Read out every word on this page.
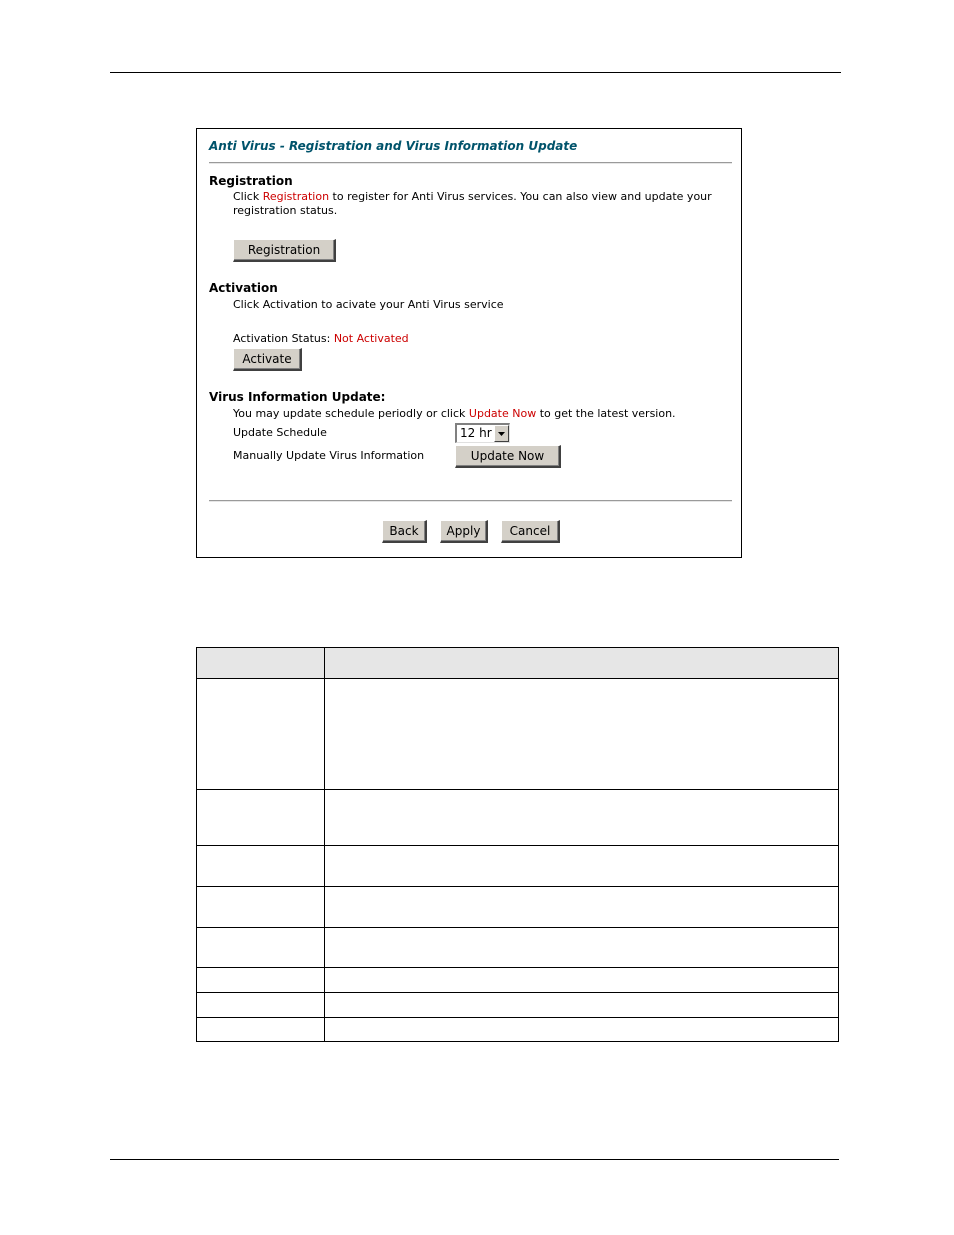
Anti Virus - Registration and Virus Information Update
Registration
Click Registration to register for Anti Virus services. You can also view and update your
registration status.
Registration
Activation
Click Activation to acivate your Anti Virus service
Activation Status: Not Activated
Activate
Virus Information Update:
You may update schedule periodly or click Update Now to get the latest version.
Update Schedule	12 hr
Manually Update Virus Information	Update Now
Back	Apply	Cancel
